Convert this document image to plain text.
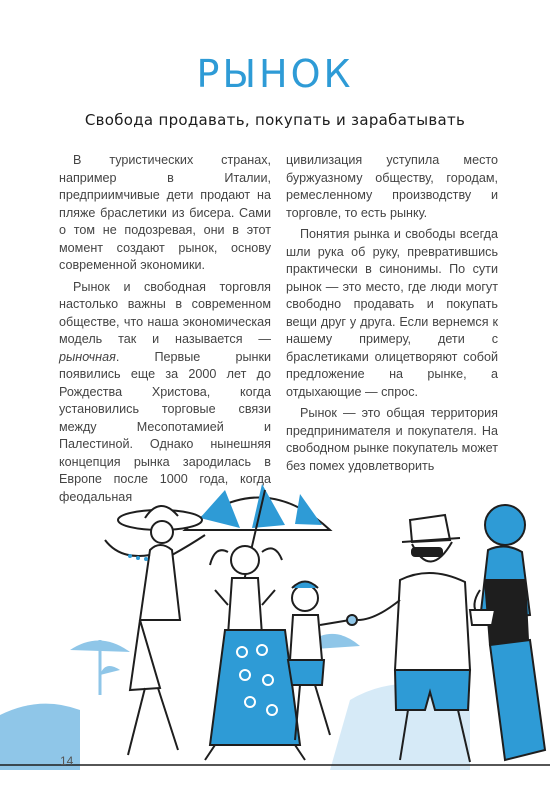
РЫНОК
Свобода продавать, покупать и зарабатывать

В туристических странах, например в Италии, предприимчивые дети продают на пляже браслетики из бисера. Сами о том не подозревая, они в этот момент создают рынок, основу современной экономики.

Рынок и свободная торговля настолько важны в современном обществе, что наша экономическая модель так и называется — рыночная. Первые рынки появились еще за 2000 лет до Рождества Христова, когда установились торговые связи между Месопотамией и Палестиной. Однако нынешняя концепция рынка зародилась в Европе после 1000 года, когда феодальная

цивилизация уступила место буржуазному обществу, городам, ремесленному производству и торговле, то есть рынку.

Понятия рынка и свободы всегда шли рука об руку, превратившись практически в синонимы. По сути рынок — это место, где люди могут свободно продавать и покупать вещи друг у друга. Если вернемся к нашему примеру, дети с браслетиками олицетворяют собой предложение на рынке, а отдыхающие — спрос.

Рынок — это общая территория предпринимателя и покупателя. На свободном рынке покупатель может без помех удовлетворить

14
